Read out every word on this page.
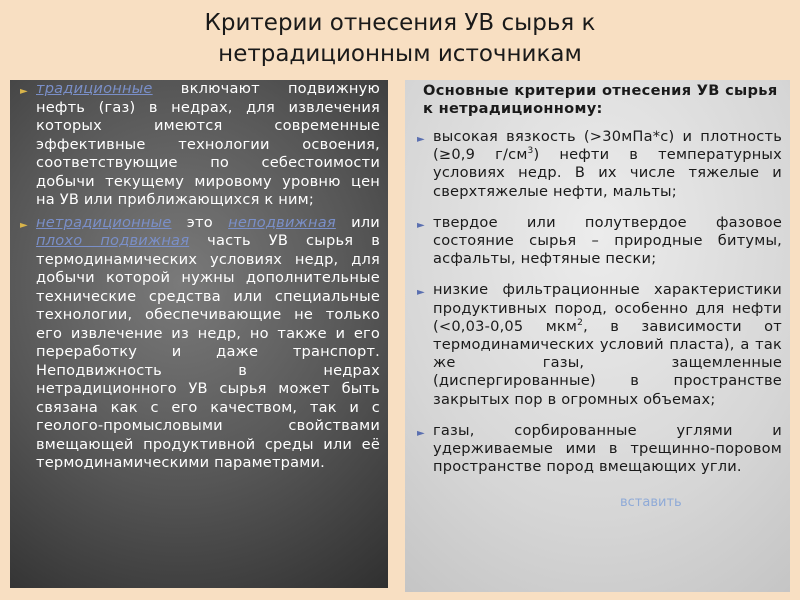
Критерии отнесения УВ сырья к
нетрадиционным источникам
► традиционные включают подвижную нефть (газ) в недрах, для извлечения которых имеются современные эффективные технологии освоения, соответствующие по себестоимости добычи текущему мировому уровню цен на УВ или приближающихся к ним;
► нетрадиционные это неподвижная или плохо подвижная часть УВ сырья в термодинамических условиях недр, для добычи которой нужны дополнительные технические средства или специальные технологии, обеспечивающие не только его извлечение из недр, но также и его переработку и даже транспорт. Неподвижность в недрах нетрадиционного УВ сырья может быть связана как с его качеством, так и с геолого-промысловыми свойствами вмещающей продуктивной среды или её термодинамическими параметрами.
Основные критерии отнесения УВ сырья к нетрадиционному:
► высокая вязкость (>30мПа*с) и плотность (≥0,9 $г/см^3$) нефти в температурных условиях недр. В их числе тяжелые и сверхтяжелые нефти, мальты;
► твердое или полутвердое фазовое состояние сырья – природные битумы, асфальты, нефтяные пески;
► низкие фильтрационные характеристики продуктивных пород, особенно для нефти (<0,03-0,05 мкм$^2$, в зависимости от термодинамических условий пласта), а так же газы, защемленные (диспергированные) в пространстве закрытых пор в огромных объемах;
► газы, сорбированные углями и удерживаемые ими в трещинно-поровом пространстве пород вмещающих угли.
вставить
